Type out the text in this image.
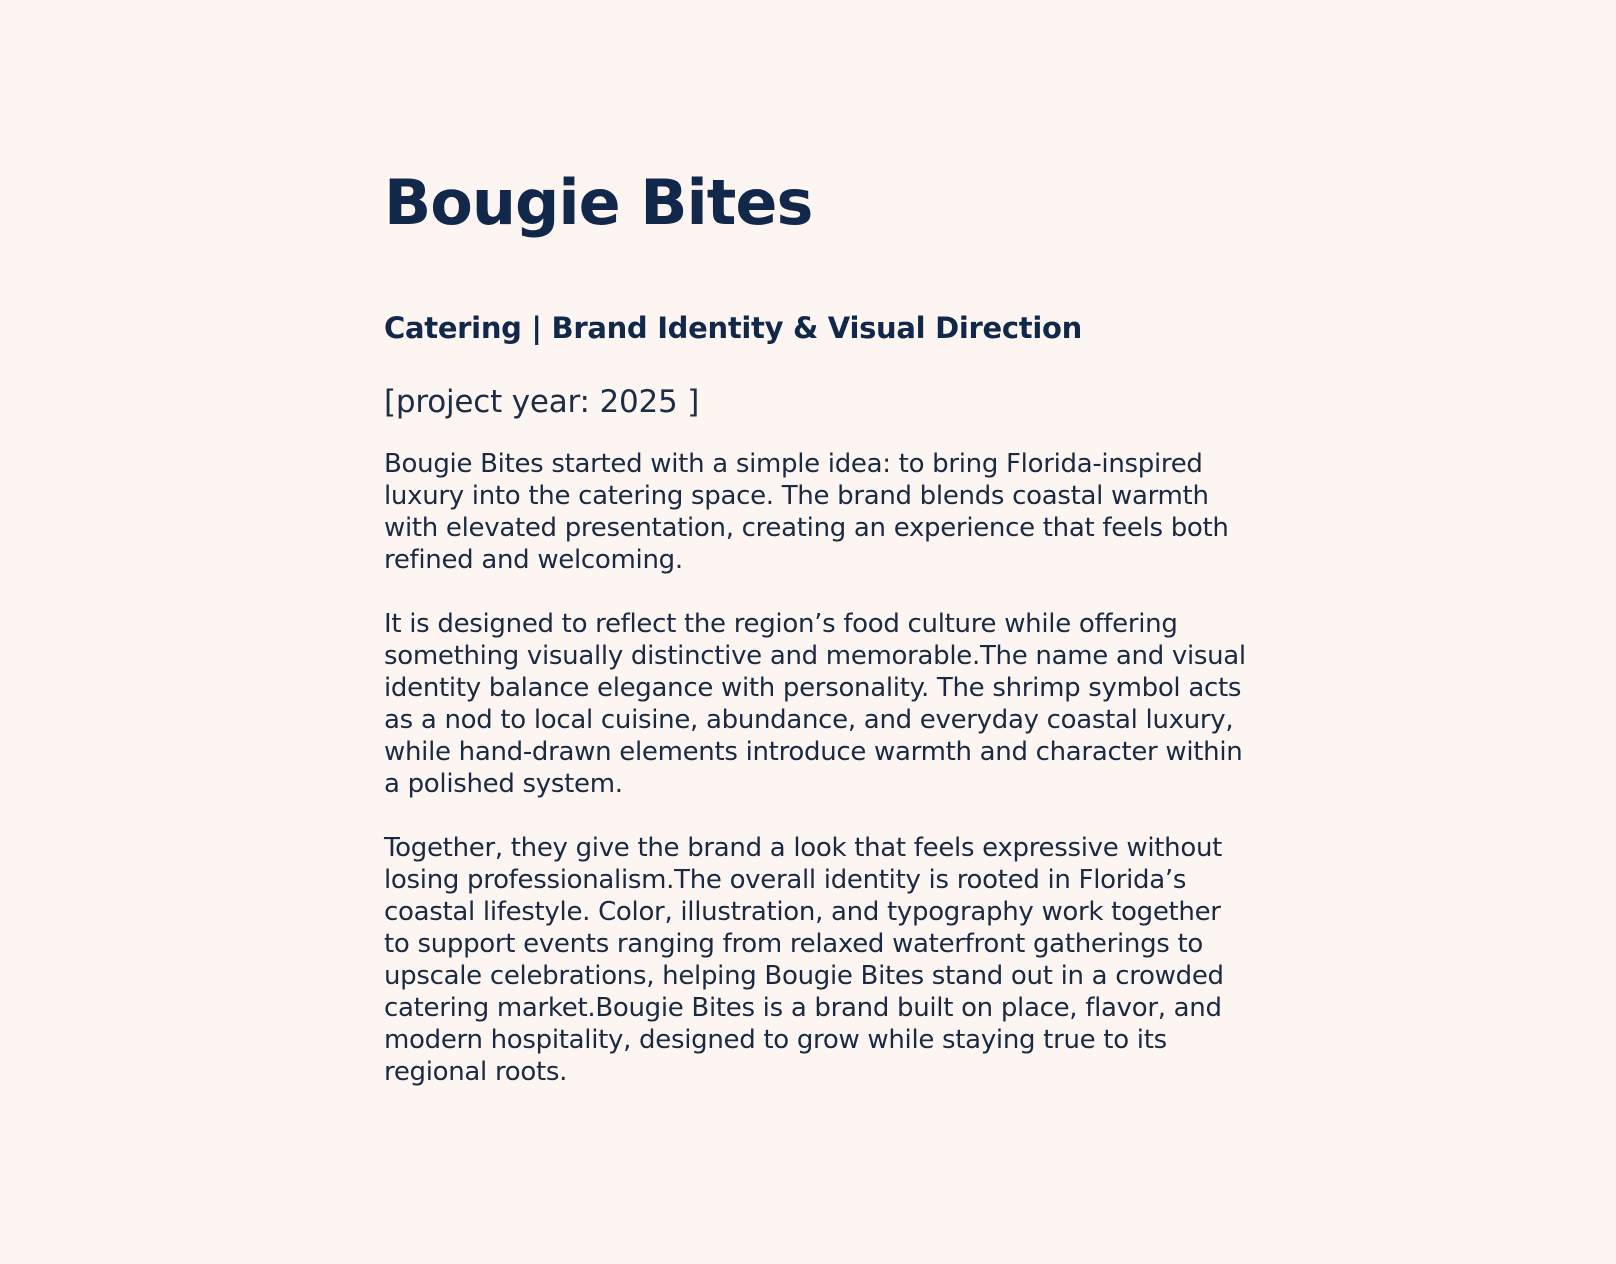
Bougie Bites
Catering | Brand Identity & Visual Direction

[project year: 2025 ]

Bougie Bites started with a simple idea: to bring Florida-inspired luxury into the catering space. The brand blends coastal warmth with elevated presentation, creating an experience that feels both refined and welcoming.

It is designed to reflect the region’s food culture while offering something visually distinctive and memorable.The name and visual identity balance elegance with personality. The shrimp symbol acts as a nod to local cuisine, abundance, and everyday coastal luxury, while hand-drawn elements introduce warmth and character within a polished system.

Together, they give the brand a look that feels expressive without losing professionalism.The overall identity is rooted in Florida’s coastal lifestyle. Color, illustration, and typography work together to support events ranging from relaxed waterfront gatherings to upscale celebrations, helping Bougie Bites stand out in a crowded catering market.Bougie Bites is a brand built on place, flavor, and modern hospitality, designed to grow while staying true to its regional roots.
